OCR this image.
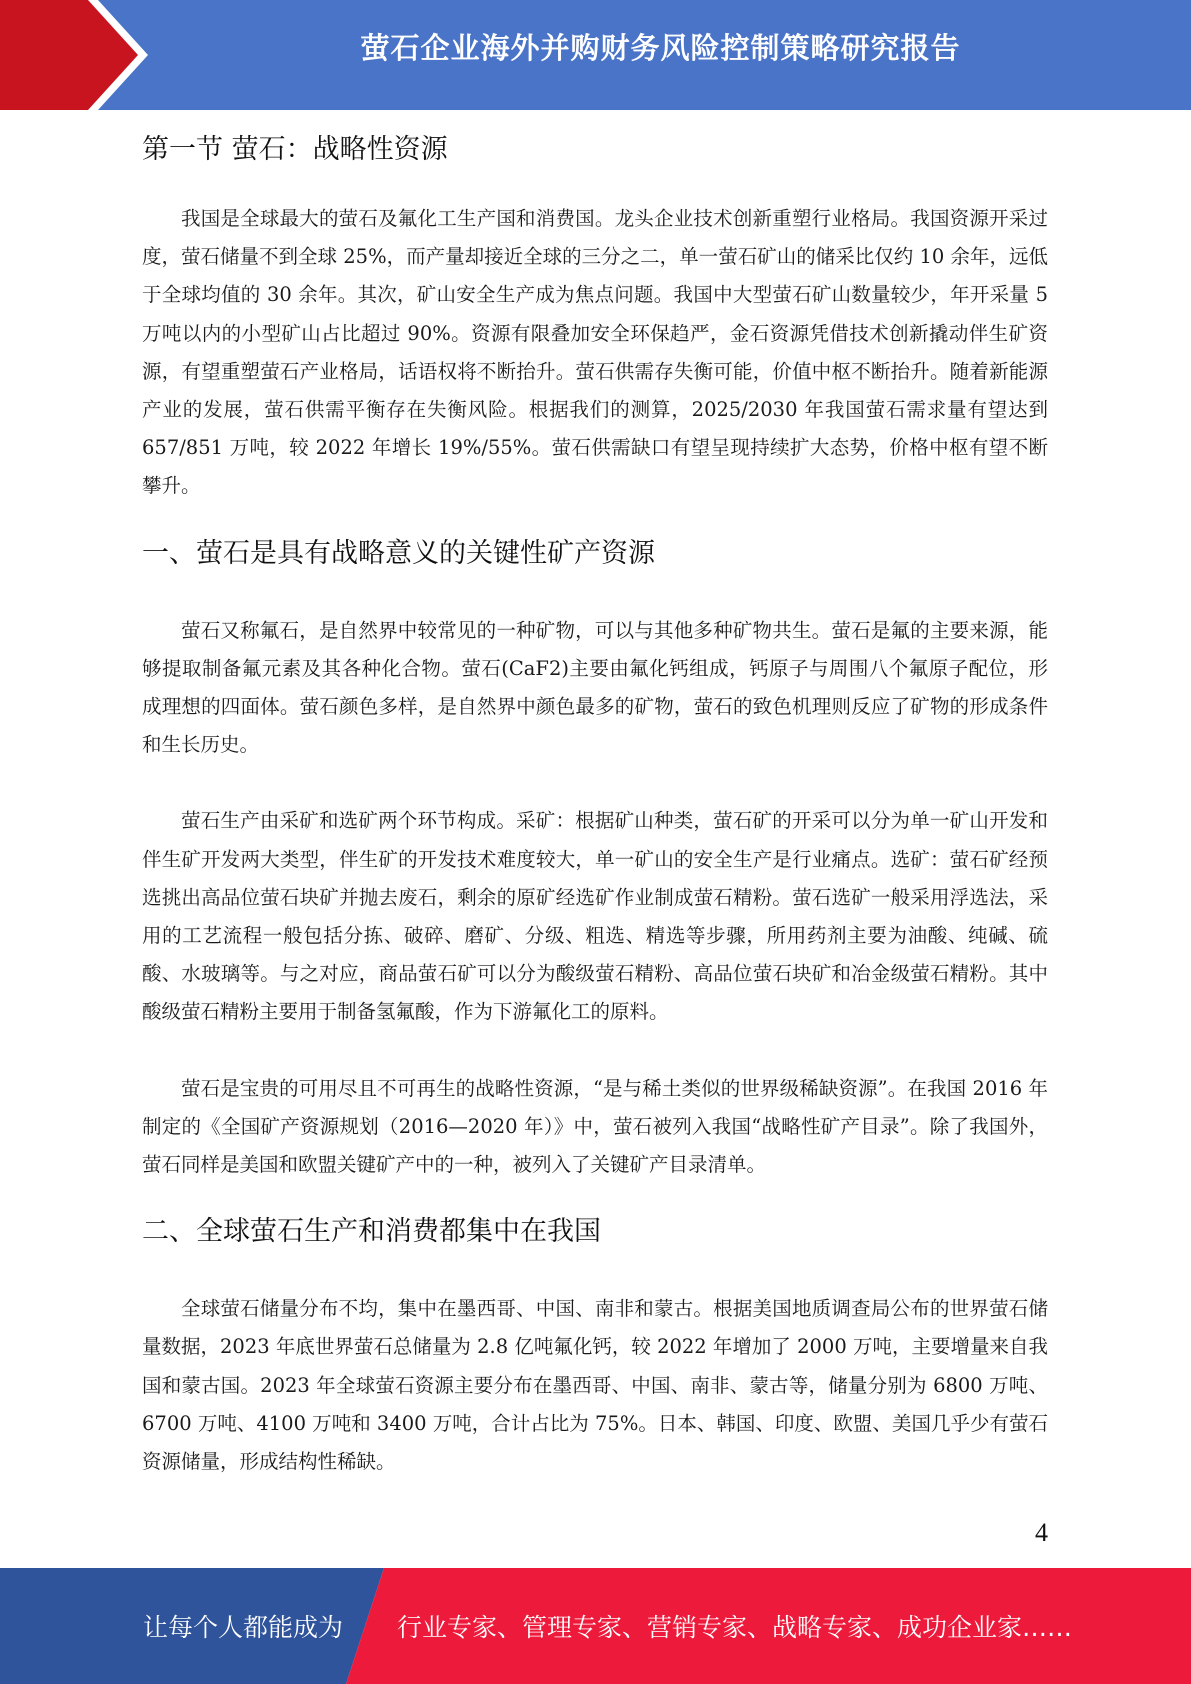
萤石企业海外并购财务风险控制策略研究报告
第一节 萤石：战略性资源

我国是全球最大的萤石及氟化工生产国和消费国。龙头企业技术创新重塑行业格局。我国资源开采过度，萤石储量不到全球 25%，而产量却接近全球的三分之二，单一萤石矿山的储采比仅约 10 余年，远低于全球均值的 30 余年。其次，矿山安全生产成为焦点问题。我国中大型萤石矿山数量较少，年开采量 5 万吨以内的小型矿山占比超过 90%。资源有限叠加安全环保趋严，金石资源凭借技术创新撬动伴生矿资源，有望重塑萤石产业格局，话语权将不断抬升。萤石供需存失衡可能，价值中枢不断抬升。随着新能源产业的发展，萤石供需平衡存在失衡风险。根据我们的测算，2025/2030 年我国萤石需求量有望达到 657/851 万吨，较 2022 年增长 19%/55%。萤石供需缺口有望呈现持续扩大态势，价格中枢有望不断攀升。

一、萤石是具有战略意义的关键性矿产资源

萤石又称氟石，是自然界中较常见的一种矿物，可以与其他多种矿物共生。萤石是氟的主要来源，能够提取制备氟元素及其各种化合物。萤石(CaF2)主要由氟化钙组成，钙原子与周围八个氟原子配位，形成理想的四面体。萤石颜色多样，是自然界中颜色最多的矿物，萤石的致色机理则反应了矿物的形成条件和生长历史。

萤石生产由采矿和选矿两个环节构成。采矿：根据矿山种类，萤石矿的开采可以分为单一矿山开发和伴生矿开发两大类型，伴生矿的开发技术难度较大，单一矿山的安全生产是行业痛点。选矿：萤石矿经预选挑出高品位萤石块矿并抛去废石，剩余的原矿经选矿作业制成萤石精粉。萤石选矿一般采用浮选法，采用的工艺流程一般包括分拣、破碎、磨矿、分级、粗选、精选等步骤，所用药剂主要为油酸、纯碱、硫酸、水玻璃等。与之对应，商品萤石矿可以分为酸级萤石精粉、高品位萤石块矿和冶金级萤石精粉。其中酸级萤石精粉主要用于制备氢氟酸，作为下游氟化工的原料。

萤石是宝贵的可用尽且不可再生的战略性资源，“是与稀土类似的世界级稀缺资源”。在我国 2016 年制定的《全国矿产资源规划（2016—2020 年）》中，萤石被列入我国“战略性矿产目录”。除了我国外，萤石同样是美国和欧盟关键矿产中的一种，被列入了关键矿产目录清单。

二、全球萤石生产和消费都集中在我国

全球萤石储量分布不均，集中在墨西哥、中国、南非和蒙古。根据美国地质调查局公布的世界萤石储量数据，2023 年底世界萤石总储量为 2.8 亿吨氟化钙，较 2022 年增加了 2000 万吨，主要增量来自我国和蒙古国。2023 年全球萤石资源主要分布在墨西哥、中国、南非、蒙古等，储量分别为 6800 万吨、6700 万吨、4100 万吨和 3400 万吨，合计占比为 75%。日本、韩国、印度、欧盟、美国几乎少有萤石资源储量，形成结构性稀缺。

4
让每个人都能成为 行业专家、管理专家、营销专家、战略专家、成功企业家……
